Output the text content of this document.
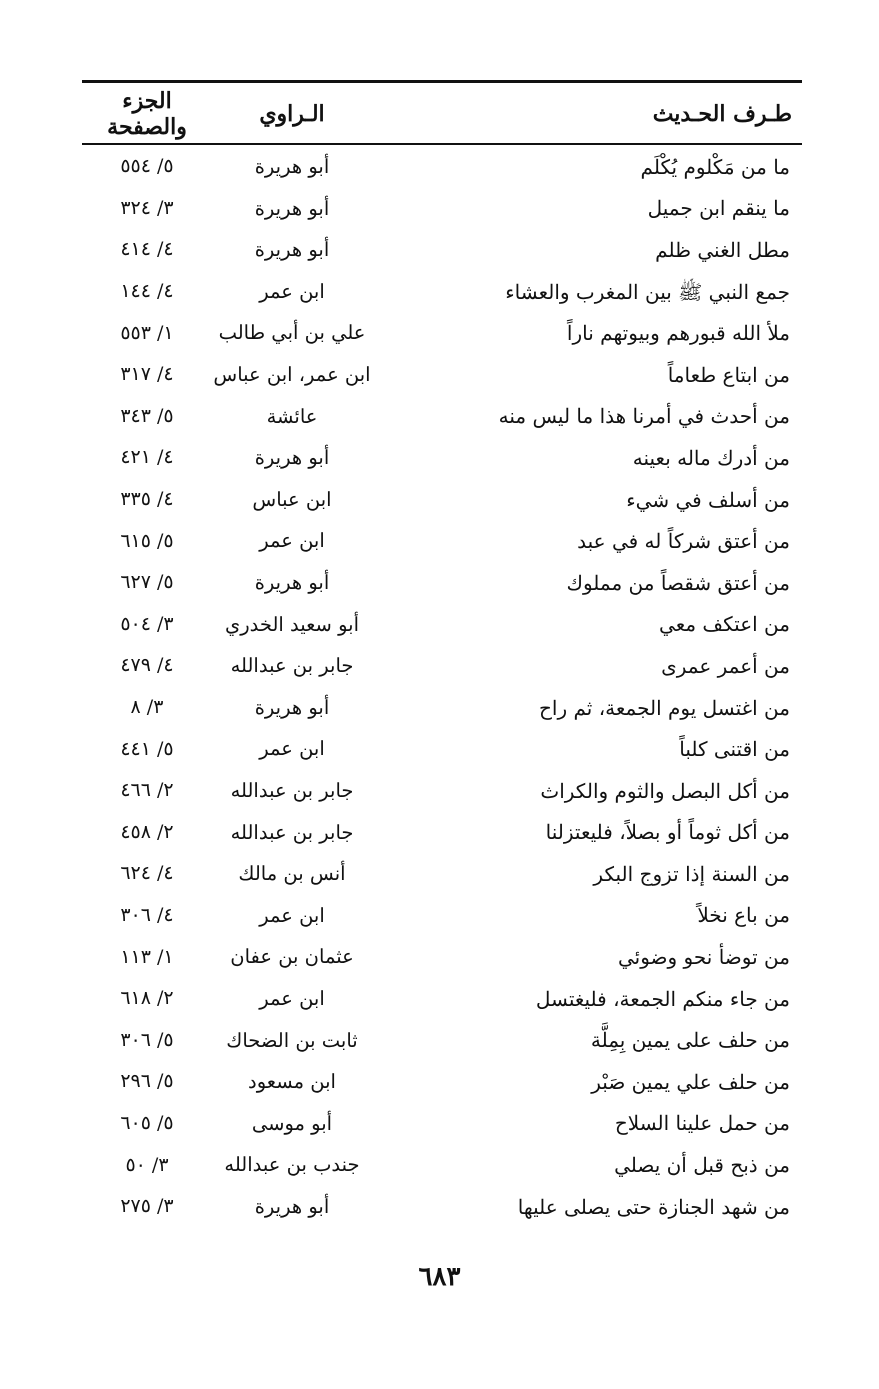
طـرف الحـديث
الـراوي
الجزء والصفحة
ما من مَكْلوم يُكْلَم
أبو هريرة
٥/ ٥٥٤
ما ينقم ابن جميل
أبو هريرة
٣/ ٣٢٤
مطل الغني ظلم
أبو هريرة
٤/ ٤١٤
جمع النبي ﷺ بين المغرب والعشاء
ابن عمر
٤/ ١٤٤
ملأ الله قبورهم وبيوتهم ناراً
علي بن أبي طالب
١/ ٥٥٣
من ابتاع طعاماً
ابن عمر، ابن عباس
٤/ ٣١٧
من أحدث في أمرنا هذا ما ليس منه
عائشة
٥/ ٣٤٣
من أدرك ماله بعينه
أبو هريرة
٤/ ٤٢١
من أسلف في شيء
ابن عباس
٤/ ٣٣٥
من أعتق شركاً له في عبد
ابن عمر
٥/ ٦١٥
من أعتق شقصاً من مملوك
أبو هريرة
٥/ ٦٢٧
من اعتكف معي
أبو سعيد الخدري
٣/ ٥٠٤
من أعمر عمرى
جابر بن عبدالله
٤/ ٤٧٩
من اغتسل يوم الجمعة، ثم راح
أبو هريرة
٣/ ٨
من اقتنى كلباً
ابن عمر
٥/ ٤٤١
من أكل البصل والثوم والكراث
جابر بن عبدالله
٢/ ٤٦٦
من أكل ثوماً أو بصلاً، فليعتزلنا
جابر بن عبدالله
٢/ ٤٥٨
من السنة إذا تزوج البكر
أنس بن مالك
٤/ ٦٢٤
من باع نخلاً
ابن عمر
٤/ ٣٠٦
من توضأ نحو وضوئي
عثمان بن عفان
١/ ١١٣
من جاء منكم الجمعة، فليغتسل
ابن عمر
٢/ ٦١٨
من حلف على يمين بِمِلَّة
ثابت بن الضحاك
٥/ ٣٠٦
من حلف علي يمين صَبْر
ابن مسعود
٥/ ٢٩٦
من حمل علينا السلاح
أبو موسى
٥/ ٦٠٥
من ذبح قبل أن يصلي
جندب بن عبدالله
٣/ ٥٠
من شهد الجنازة حتى يصلى عليها
أبو هريرة
٣/ ٢٧٥
٦٨٣
